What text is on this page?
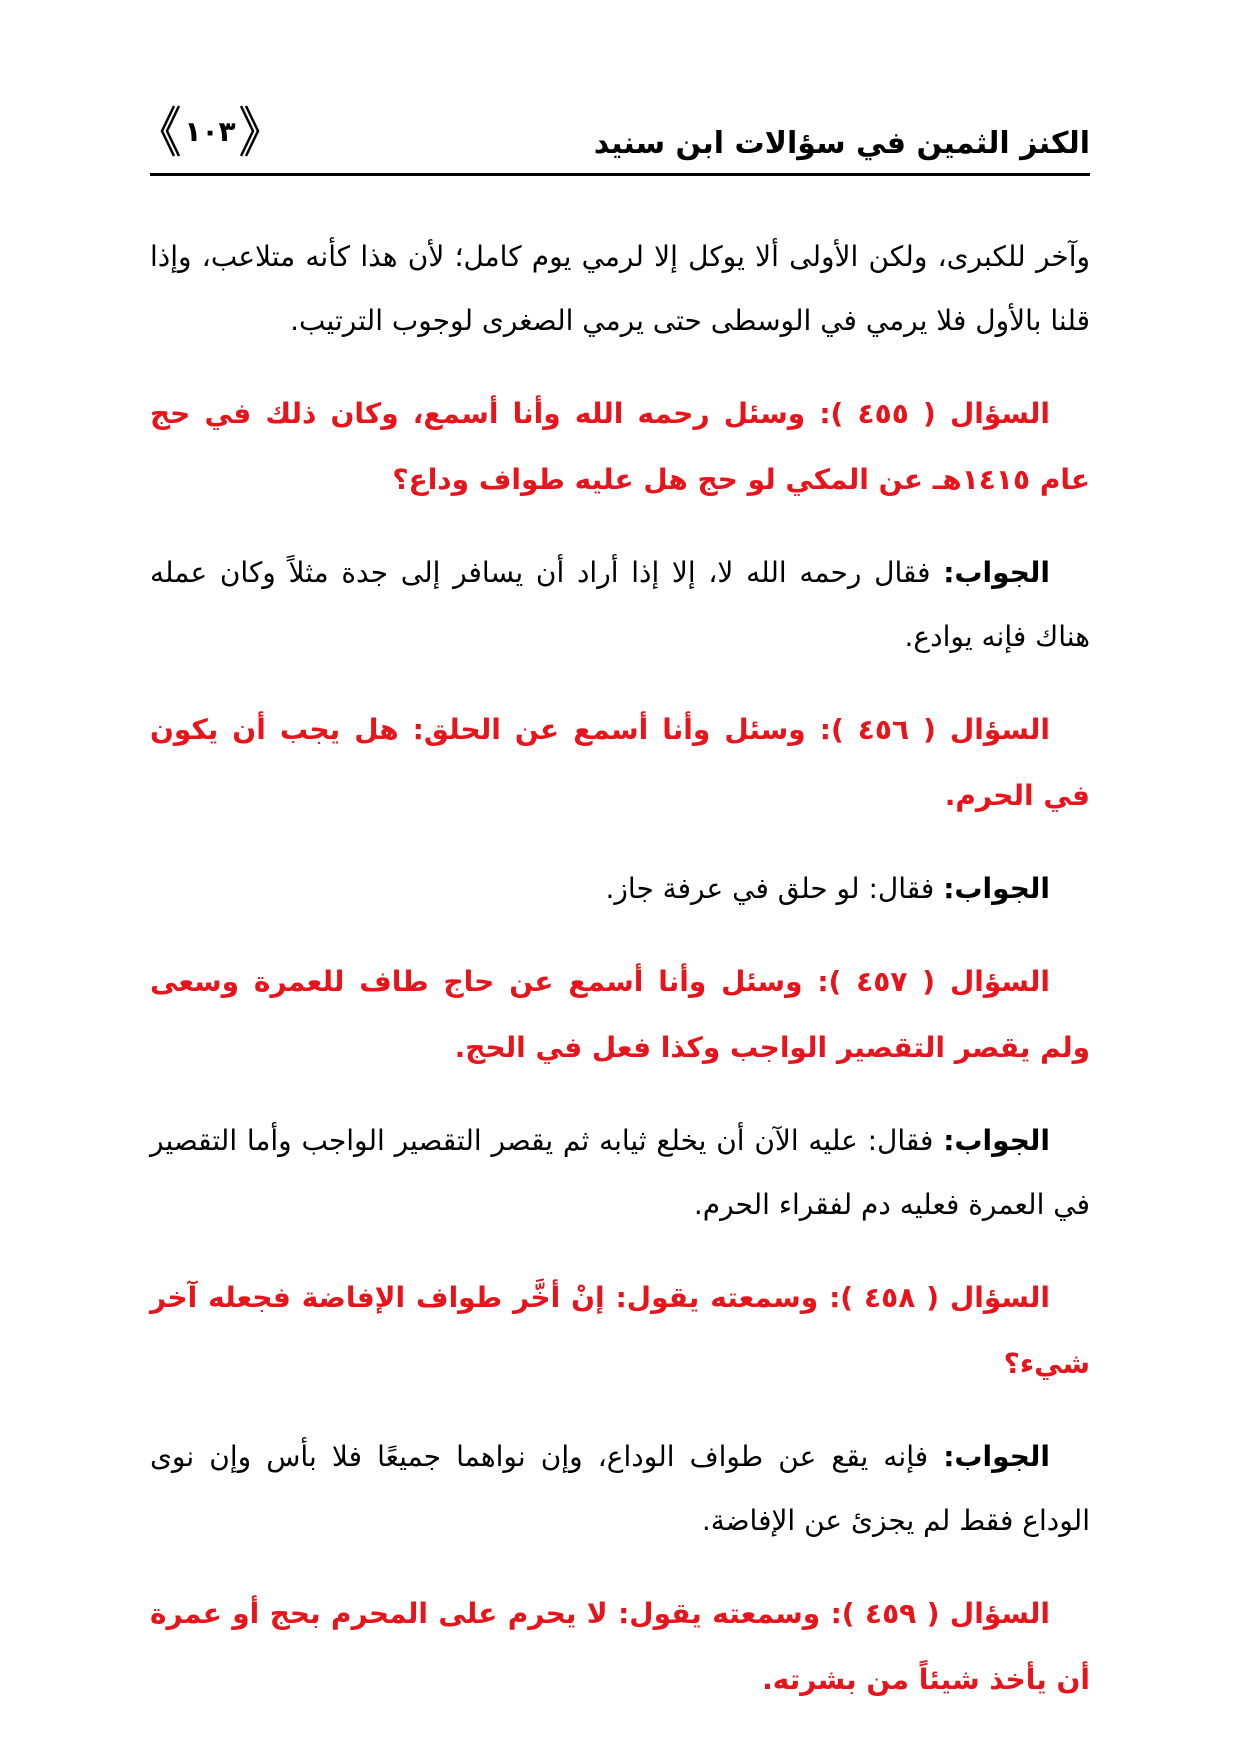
الكنز الثمين في سؤالات ابن سنيد
١٠٣

وآخر للكبرى، ولكن الأولى ألا يوكل إلا لرمي يوم كامل؛ لأن هذا كأنه متلاعب، وإذا قلنا بالأول فلا يرمي في الوسطى حتى يرمي الصغرى لوجوب الترتيب.

السؤال ( ٤٥٥ ): وسئل رحمه الله وأنا أسمع، وكان ذلك في حج عام ١٤١٥هـ عن المكي لو حج هل عليه طواف وداع؟

الجواب: فقال رحمه الله لا، إلا إذا أراد أن يسافر إلى جدة مثلاً وكان عمله هناك فإنه يوادع.

السؤال ( ٤٥٦ ): وسئل وأنا أسمع عن الحلق: هل يجب أن يكون في الحرم.

الجواب: فقال: لو حلق في عرفة جاز.

السؤال ( ٤٥٧ ): وسئل وأنا أسمع عن حاج طاف للعمرة وسعى ولم يقصر التقصير الواجب وكذا فعل في الحج.

الجواب: فقال: عليه الآن أن يخلع ثيابه ثم يقصر التقصير الواجب وأما التقصير في العمرة فعليه دم لفقراء الحرم.

السؤال ( ٤٥٨ ): وسمعته يقول: إنْ أخَّر طواف الإفاضة فجعله آخر شيء؟

الجواب: فإنه يقع عن طواف الوداع، وإن نواهما جميعًا فلا بأس وإن نوى الوداع فقط لم يجزئ عن الإفاضة.

السؤال ( ٤٥٩ ): وسمعته يقول: لا يحرم على المحرم بحج أو عمرة أن يأخذ شيئاً من بشرته.
